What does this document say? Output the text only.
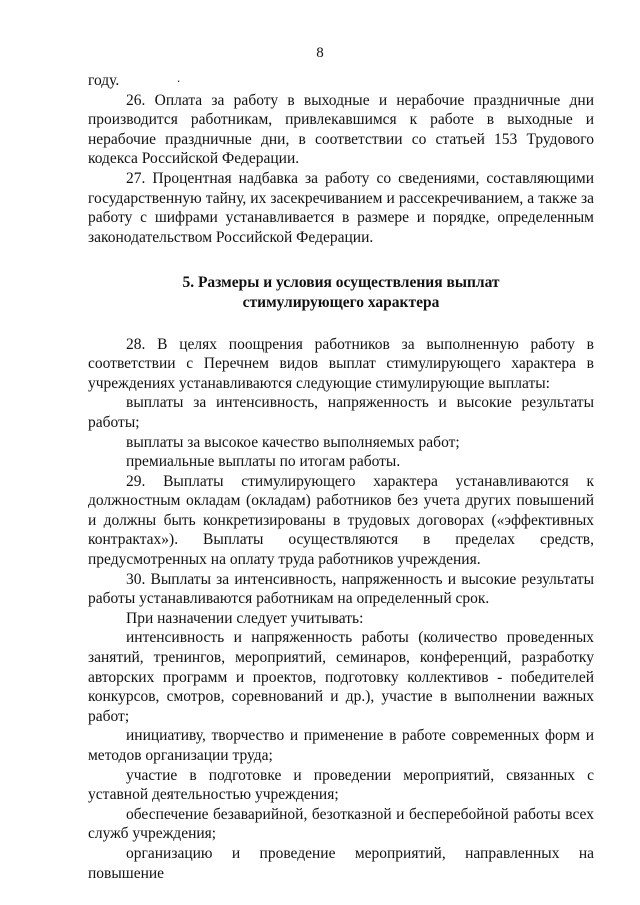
8
.

году.

26. Оплата за работу в выходные и нерабочие праздничные дни производится работникам, привлекавшимся к работе в выходные и нерабочие праздничные дни, в соответствии со статьей 153 Трудового кодекса Российской Федерации.

27. Процентная надбавка за работу со сведениями, составляющими государственную тайну, их засекречиванием и рассекречиванием, а также за работу с шифрами устанавливается в размере и порядке, определенным законодательством Российской Федерации.

5. Размеры и условия осуществления выплат
стимулирующего характера

28. В целях поощрения работников за выполненную работу в соответствии с Перечнем видов выплат стимулирующего характера в учреждениях устанавливаются следующие стимулирующие выплаты:

выплаты за интенсивность, напряженность и высокие результаты работы;

выплаты за высокое качество выполняемых работ;

премиальные выплаты по итогам работы.

29. Выплаты стимулирующего характера устанавливаются к должностным окладам (окладам) работников без учета других повышений и должны быть конкретизированы в трудовых договорах («эффективных контрактах»). Выплаты осуществляются в пределах средств, предусмотренных на оплату труда работников учреждения.

30. Выплаты за интенсивность, напряженность и высокие результаты работы устанавливаются работникам на определенный срок.

При назначении следует учитывать:

интенсивность и напряженность работы (количество проведенных занятий, тренингов, мероприятий, семинаров, конференций, разработку авторских программ и проектов, подготовку коллективов - победителей конкурсов, смотров, соревнований и др.), участие в выполнении важных работ;

инициативу, творчество и применение в работе современных форм и методов организации труда;

участие в подготовке и проведении мероприятий, связанных с уставной деятельностью учреждения;

обеспечение безаварийной, безотказной и бесперебойной работы всех служб учреждения;

организацию и проведение мероприятий, направленных на повышение
